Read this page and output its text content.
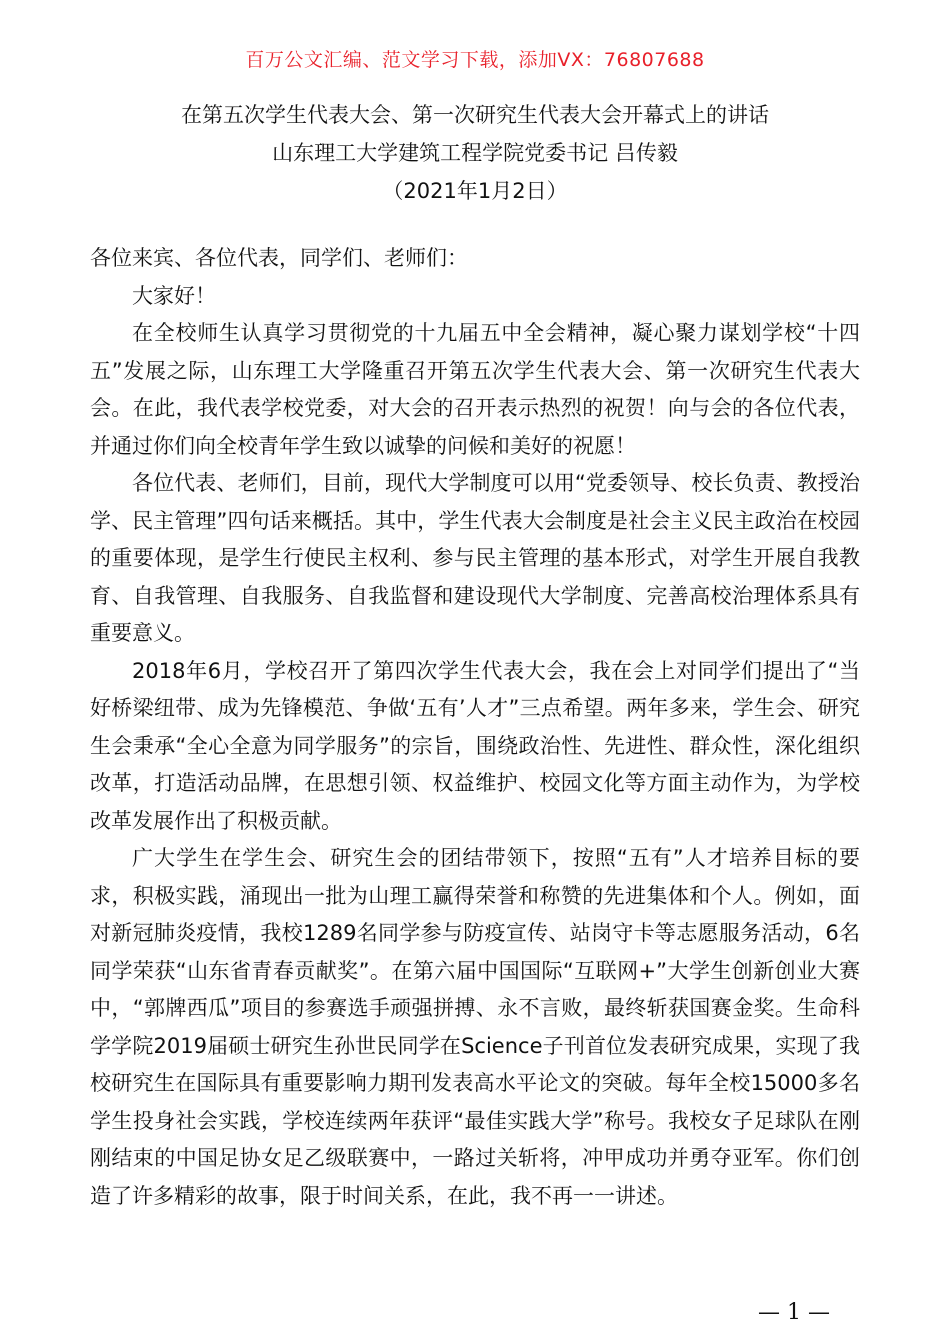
百万公文汇编、范文学习下载，添加VX：76807688
在第五次学生代表大会、第一次研究生代表大会开幕式上的讲话
山东理工大学建筑工程学院党委书记 吕传毅
（2021年1月2日）

各位来宾、各位代表，同学们、老师们：

大家好！

在全校师生认真学习贯彻党的十九届五中全会精神，凝心聚力谋划学校“十四五”发展之际，山东理工大学隆重召开第五次学生代表大会、第一次研究生代表大会。在此，我代表学校党委，对大会的召开表示热烈的祝贺！向与会的各位代表，并通过你们向全校青年学生致以诚挚的问候和美好的祝愿！

各位代表、老师们，目前，现代大学制度可以用“党委领导、校长负责、教授治学、民主管理”四句话来概括。其中，学生代表大会制度是社会主义民主政治在校园的重要体现，是学生行使民主权利、参与民主管理的基本形式，对学生开展自我教育、自我管理、自我服务、自我监督和建设现代大学制度、完善高校治理体系具有重要意义。

2018年6月，学校召开了第四次学生代表大会，我在会上对同学们提出了“当好桥梁纽带、成为先锋模范、争做‘五有’人才”三点希望。两年多来，学生会、研究生会秉承“全心全意为同学服务”的宗旨，围绕政治性、先进性、群众性，深化组织改革，打造活动品牌，在思想引领、权益维护、校园文化等方面主动作为，为学校改革发展作出了积极贡献。

广大学生在学生会、研究生会的团结带领下，按照“五有”人才培养目标的要求，积极实践，涌现出一批为山理工赢得荣誉和称赞的先进集体和个人。例如，面对新冠肺炎疫情，我校1289名同学参与防疫宣传、站岗守卡等志愿服务活动，6名同学荣获“山东省青春贡献奖”。在第六届中国国际“互联网+”大学生创新创业大赛中，“郭牌西瓜”项目的参赛选手顽强拼搏、永不言败，最终斩获国赛金奖。生命科学学院2019届硕士研究生孙世民同学在Science子刊首位发表研究成果，实现了我校研究生在国际具有重要影响力期刊发表高水平论文的突破。每年全校15000多名学生投身社会实践，学校连续两年获评“最佳实践大学”称号。我校女子足球队在刚刚结束的中国足协女足乙级联赛中，一路过关斩将，冲甲成功并勇夺亚军。你们创造了许多精彩的故事，限于时间关系，在此，我不再一一讲述。

— 1 —
